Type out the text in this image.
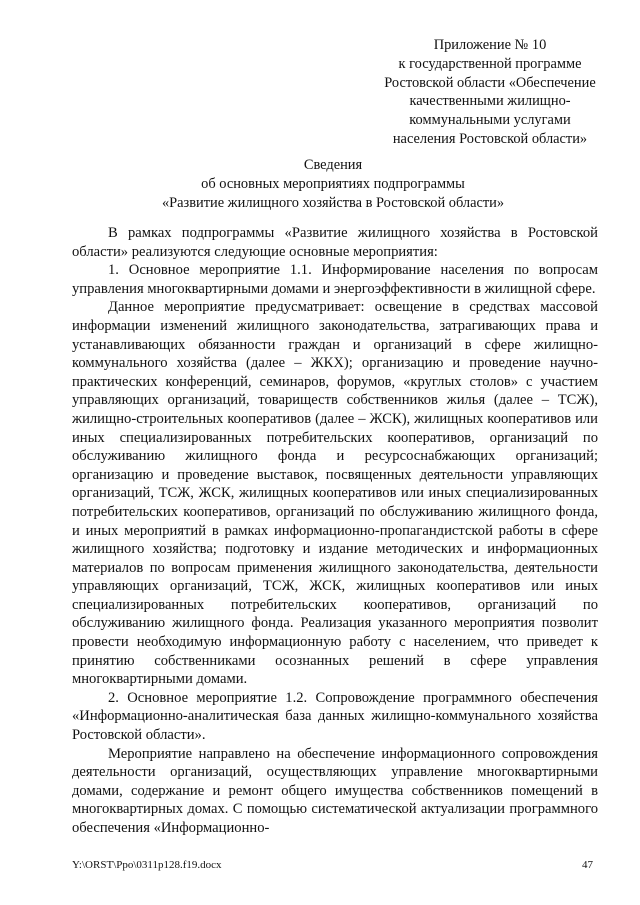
Приложение № 10
к государственной программе
Ростовской области «Обеспечение
качественными жилищно-
коммунальными услугами
населения Ростовской области»
Сведения
об основных мероприятиях подпрограммы
«Развитие жилищного хозяйства в Ростовской области»

В рамках подпрограммы «Развитие жилищного хозяйства в Ростовской области» реализуются следующие основные мероприятия:

1. Основное мероприятие 1.1. Информирование населения по вопросам управления многоквартирными домами и энергоэффективности в жилищной сфере.

Данное мероприятие предусматривает: освещение в средствах массовой информации изменений жилищного законодательства, затрагивающих права и устанавливающих обязанности граждан и организаций в сфере жилищно-коммунального хозяйства (далее – ЖКХ); организацию и проведение научно-практических конференций, семинаров, форумов, «круглых столов» с участием управляющих организаций, товариществ собственников жилья (далее – ТСЖ), жилищно-строительных кооперативов (далее – ЖСК), жилищных кооперативов или иных специализированных потребительских кооперативов, организаций по обслуживанию жилищного фонда и ресурсоснабжающих организаций; организацию и проведение выставок, посвященных деятельности управляющих организаций, ТСЖ, ЖСК, жилищных кооперативов или иных специализированных потребительских кооперативов, организаций по обслуживанию жилищного фонда, и иных мероприятий в рамках информационно-пропагандистской работы в сфере жилищного хозяйства; подготовку и издание методических и информационных материалов по вопросам применения жилищного законодательства, деятельности управляющих организаций, ТСЖ, ЖСК, жилищных кооперативов или иных специализированных потребительских кооперативов, организаций по обслуживанию жилищного фонда. Реализация указанного мероприятия позволит провести необходимую информационную работу с населением, что приведет к принятию собственниками осознанных решений в сфере управления многоквартирными домами.

2. Основное мероприятие 1.2. Сопровождение программного обеспечения «Информационно-аналитическая база данных жилищно-коммунального хозяйства Ростовской области».

Мероприятие направлено на обеспечение информационного сопровождения деятельности организаций, осуществляющих управление многоквартирными домами, содержание и ремонт общего имущества собственников помещений в многоквартирных домах. С помощью систематической актуализации программного обеспечения «Информационно-

Y:\ORST\Ppo\0311p128.f19.docx	47
